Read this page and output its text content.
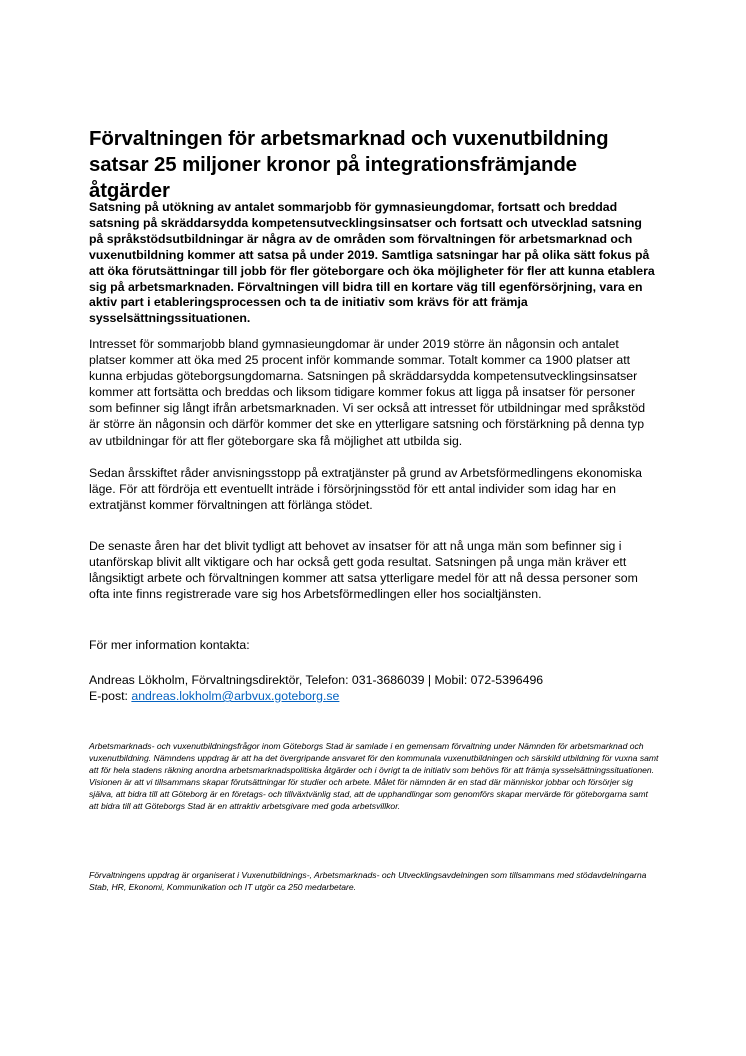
Förvaltningen för arbetsmarknad och vuxenutbildning satsar 25 miljoner kronor på integrationsfrämjande åtgärder

Satsning på utökning av antalet sommarjobb för gymnasieungdomar, fortsatt och breddad satsning på skräddarsydda kompetensutvecklingsinsatser och fortsatt och utvecklad satsning på språkstödsutbildningar är några av de områden som förvaltningen för arbetsmarknad och vuxenutbildning kommer att satsa på under 2019. Samtliga satsningar har på olika sätt fokus på att öka förutsättningar till jobb för fler göteborgare och öka möjligheter för fler att kunna etablera sig på arbetsmarknaden. Förvaltningen vill bidra till en kortare väg till egenförsörjning, vara en aktiv part i etableringsprocessen och ta de initiativ som krävs för att främja sysselsättningssituationen.

Intresset för sommarjobb bland gymnasieungdomar är under 2019 större än någonsin och antalet platser kommer att öka med 25 procent inför kommande sommar. Totalt kommer ca 1900 platser att kunna erbjudas göteborgsungdomarna. Satsningen på skräddarsydda kompetensutvecklingsinsatser kommer att fortsätta och breddas och liksom tidigare kommer fokus att ligga på insatser för personer som befinner sig långt ifrån arbetsmarknaden. Vi ser också att intresset för utbildningar med språkstöd är större än någonsin och därför kommer det ske en ytterligare satsning och förstärkning på denna typ av utbildningar för att fler göteborgare ska få möjlighet att utbilda sig.

Sedan årsskiftet råder anvisningsstopp på extratjänster på grund av Arbetsförmedlingens ekonomiska läge. För att fördröja ett eventuellt inträde i försörjningsstöd för ett antal individer som idag har en extratjänst kommer förvaltningen att förlänga stödet.

De senaste åren har det blivit tydligt att behovet av insatser för att nå unga män som befinner sig i utanförskap blivit allt viktigare och har också gett goda resultat. Satsningen på unga män kräver ett långsiktigt arbete och förvaltningen kommer att satsa ytterligare medel för att nå dessa personer som ofta inte finns registrerade vare sig hos Arbetsförmedlingen eller hos socialtjänsten.

För mer information kontakta:

Andreas Lökholm, Förvaltningsdirektör, Telefon: 031-3686039 | Mobil: 072-5396496

E-post: andreas.lokholm@arbvux.goteborg.se

Arbetsmarknads- och vuxenutbildningsfrågor inom Göteborgs Stad är samlade i en gemensam förvaltning under Nämnden för arbetsmarknad och vuxenutbildning. Nämndens uppdrag är att ha det övergripande ansvaret för den kommunala vuxenutbildningen och särskild utbildning för vuxna samt att för hela stadens räkning anordna arbetsmarknadspolitiska åtgärder och i övrigt ta de initiativ som behövs för att främja sysselsättningssituationen. Visionen är att vi tillsammans skapar förutsättningar för studier och arbete. Målet för nämnden är en stad där människor jobbar och försörjer sig själva, att bidra till att Göteborg är en företags- och tillväxtvänlig stad, att de upphandlingar som genomförs skapar mervärde för göteborgarna samt att bidra till att Göteborgs Stad är en attraktiv arbetsgivare med goda arbetsvillkor.

Förvaltningens uppdrag är organiserat i Vuxenutbildnings-, Arbetsmarknads- och Utvecklingsavdelningen som tillsammans med stödavdelningarna Stab, HR, Ekonomi, Kommunikation och IT utgör ca 250 medarbetare.
